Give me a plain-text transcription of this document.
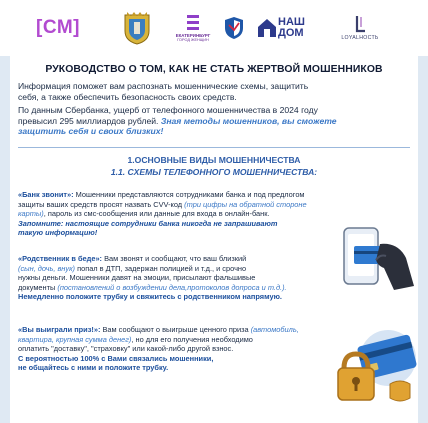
[СМ]	ЕКАТЕРИНБУРГ
ГОРОД ЖЕНЩИН
НАШ
ДОМ	LOYALНОСТЬ
РУКОВОДСТВО О ТОМ, КАК НЕ СТАТЬ ЖЕРТВОЙ МОШЕННИКОВ
Информация поможет вам распознать мошеннические схемы, защитить
себя, а также обеспечить безопасность своих средств.
По данным Сбербанка, ущерб от телефонного мошенничества в 2024 году
превысил 295 миллиардов рублей. Зная методы мошенников, вы сможете
защитить себя и своих близких!
1.ОСНОВНЫЕ ВИДЫ МОШЕННИЧЕСТВА
1.1. СХЕМЫ ТЕЛЕФОННОГО МОШЕННИЧЕСТВА:
«Банк звонит»: Мошенники представляются сотрудниками банка и под предлогом
защиты ваших средств просят назвать CVV-код (три цифры на обратной стороне
карты), пароль из смс-сообщения или данные для входа в онлайн-банк.
Запомните: настоящие сотрудники банка никогда не запрашивают
такую информацию!
«Родственник в беде»: Вам звонят и сообщают, что ваш близкий
(сын, дочь, внук) попал в ДТП, задержан полицией и т.д., и срочно
нужны деньги. Мошенники давят на эмоции, присылают фальшивые
документы (постановлений о возбуждении дела,протоколов допроса и т.д.).
Немедленно положите трубку и свяжитесь с родственником напрямую.
«Вы выиграли приз!»: Вам сообщают о выигрыше ценного приза (автомобиль,
квартира, крупная сумма денег), но для его получения необходимо
оплатить "доставку", "страховку" или какой-либо другой взнос.
С вероятностью 100% с Вами связались мошенники,
не общайтесь с ними и положите трубку.
